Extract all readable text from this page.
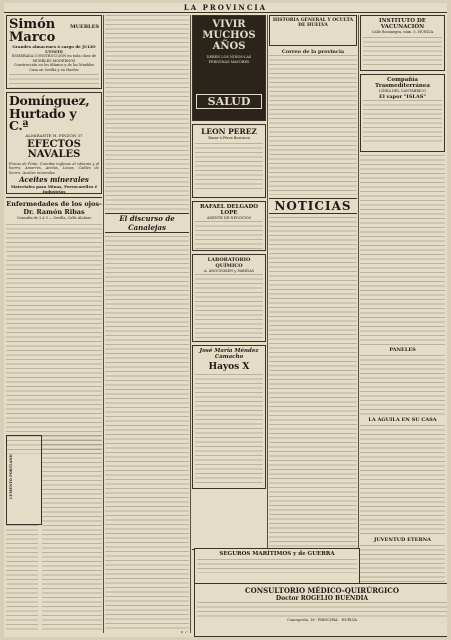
LA PROVINCIA
Simón Marco
MUEBLES
Grandes almacenes á cargo de JULIO UTOITE
ESMERADA CONSTRUCCIÓN en toda clase de MUEBLES MODERNOS
Construcción en los últimos y de los Muebles
Casa en Sevilla y en Huelva
Domínguez, Hurtado y C.ª
ALMIRANTE H. PINZÓN 37
EFECTOS NAVALES
Fincas de Pinto, Cuerdas inglesas al cáñamo y al hierro, Amarres, Anclas, Lonas, Cables de hierro, Aceites minerales
Aceites minerales
Materiales para Minas, Ferrocarriles é Industrias
Enfermedades de los ojos-Dr. Ramón Ribas
Consulta de 2 á 5 — Sevilla, Calle Alcázar
CEMENTO PORTLAND
El discurso de Canalejas
E. C.
VIVIR MUCHOS AÑOS
DEBEN LOS NIÑOS-LAS PERSONAS MAYORES
SALUD
LEON PEREZ
Bazar á Pérez Borrasca
RAFAEL DELGADO LOPE
AGENTE DE NEGOCIOS
LABORATORIO QUÍMICO
A. ANGUISSIEN y FARIÑAS
José María Méndez Camacho
Hayos X
HISTORIA GENERAL Y OCULTA DE HUELVA
Correo de la provincia
NOTICIAS
INSTITUTO DE VACUNACIÓN
Calle Bocanegra, núm. 5, HUELVA
Compañía Trasmediterránea
LÍNEA DEL CANTÁBRICO
El vapor "ISLAS"
PANELES
LA ÁGUILA EN SU CASA
JUVENTUD ETERNA
SEGUROS MARÍTIMOS y de GUERRA
CONSULTORIO MÉDICO-QUIRÚRGICO
Doctor ROGELIO BUENDIA
Concepción, 16 · PRINCIPAL · HUELVA
